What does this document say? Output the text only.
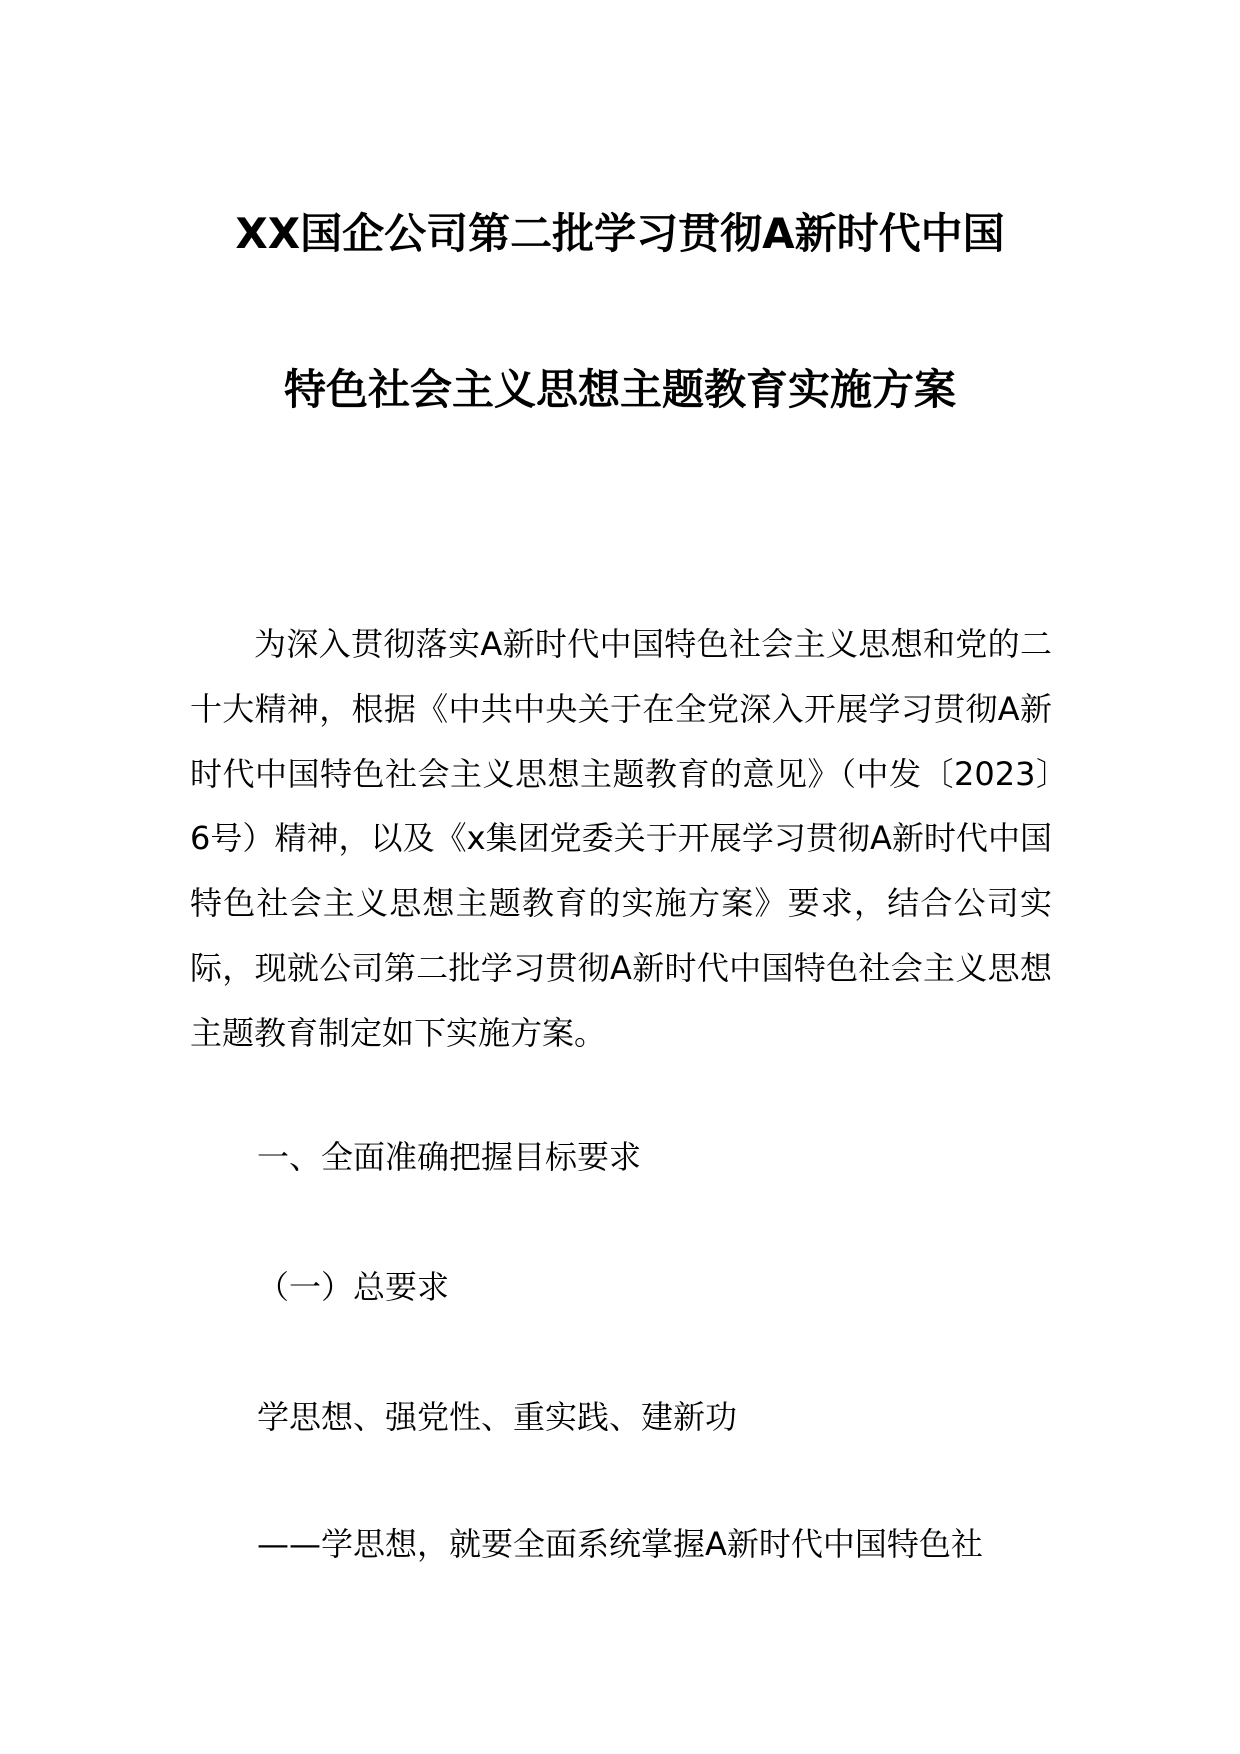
XX国企公司第二批学习贯彻A新时代中国
特色社会主义思想主题教育实施方案

为深入贯彻落实A新时代中国特色社会主义思想和党的二十大精神，根据《中共中央关于在全党深入开展学习贯彻A新时代中国特色社会主义思想主题教育的意见》（中发〔2023〕6号）精神，以及《x集团党委关于开展学习贯彻A新时代中国特色社会主义思想主题教育的实施方案》要求，结合公司实际，现就公司第二批学习贯彻A新时代中国特色社会主义思想主题教育制定如下实施方案。

一、全面准确把握目标要求

（一）总要求

学思想、强党性、重实践、建新功

——学思想，就要全面系统掌握A新时代中国特色社
